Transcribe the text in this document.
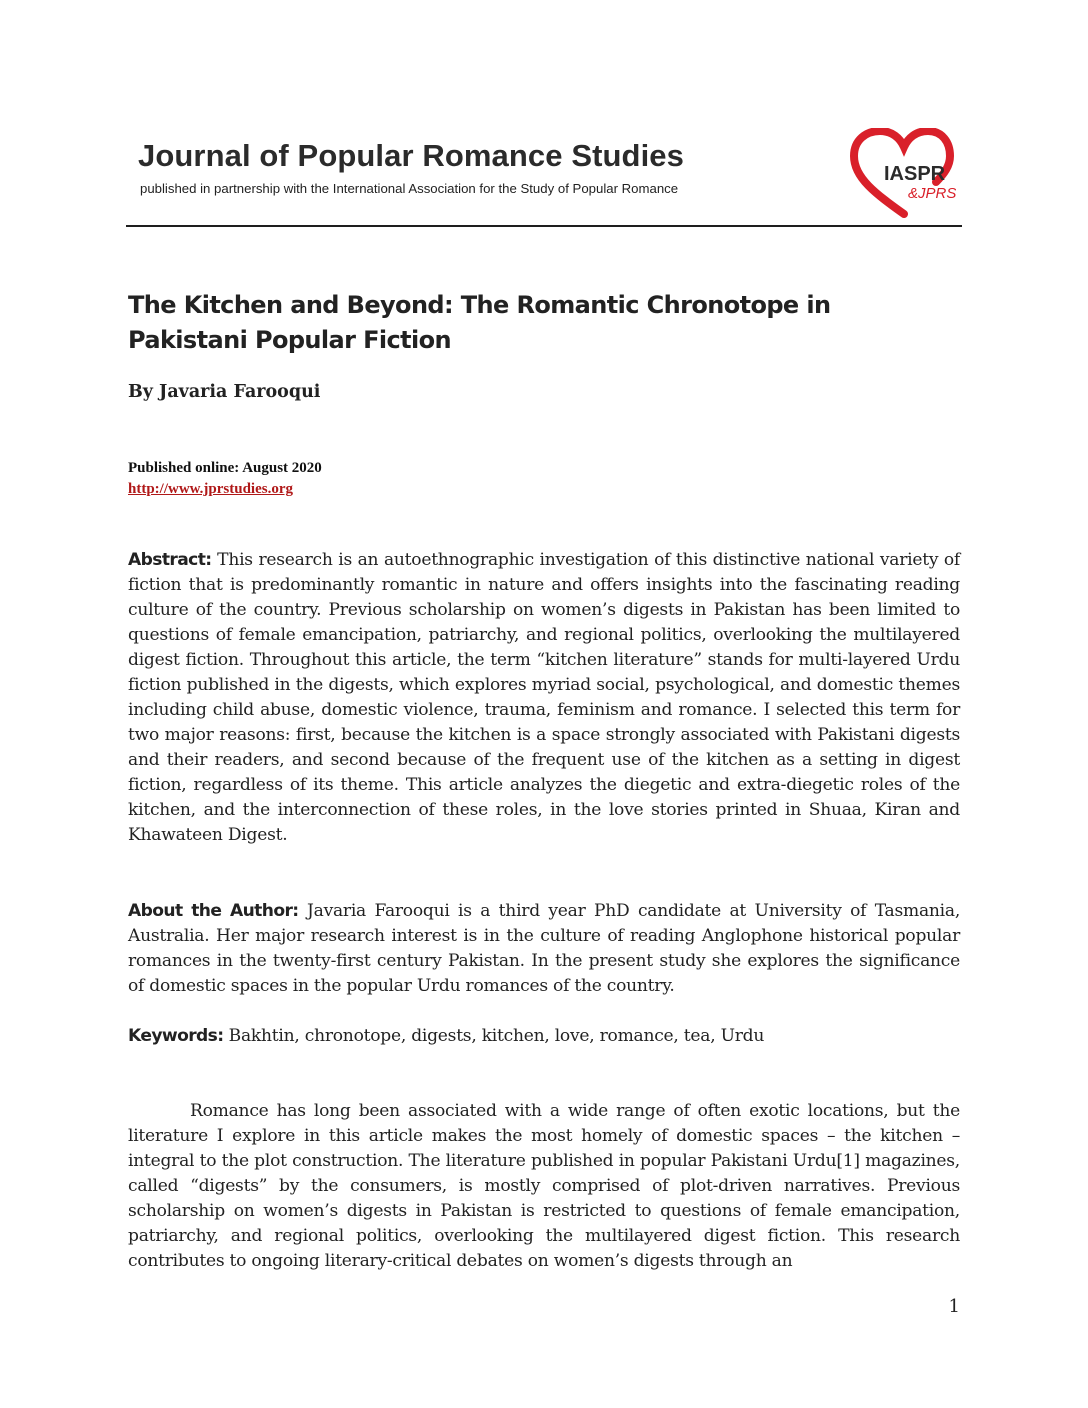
Journal of Popular Romance Studies
published in partnership with the International Association for the Study of Popular Romance
IASPR
&JPRS
The Kitchen and Beyond: The Romantic Chronotope in Pakistani Popular Fiction
By Javaria Farooqui
Published online: August 2020
http://www.jprstudies.org

Abstract: This research is an autoethnographic investigation of this distinctive national variety of fiction that is predominantly romantic in nature and offers insights into the fascinating reading culture of the country. Previous scholarship on women’s digests in Pakistan has been limited to questions of female emancipation, patriarchy, and regional politics, overlooking the multilayered digest fiction. Throughout this article, the term “kitchen literature” stands for multi-layered Urdu fiction published in the digests, which explores myriad social, psychological, and domestic themes including child abuse, domestic violence, trauma, feminism and romance. I selected this term for two major reasons: first, because the kitchen is a space strongly associated with Pakistani digests and their readers, and second because of the frequent use of the kitchen as a setting in digest fiction, regardless of its theme. This article analyzes the diegetic and extra-diegetic roles of the kitchen, and the interconnection of these roles, in the love stories printed in Shuaa, Kiran and Khawateen Digest.

About the Author: Javaria Farooqui is a third year PhD candidate at University of Tasmania, Australia. Her major research interest is in the culture of reading Anglophone historical popular romances in the twenty-first century Pakistan. In the present study she explores the significance of domestic spaces in the popular Urdu romances of the country.

Keywords: Bakhtin, chronotope, digests, kitchen, love, romance, tea, Urdu

Romance has long been associated with a wide range of often exotic locations, but the literature I explore in this article makes the most homely of domestic spaces – the kitchen – integral to the plot construction. The literature published in popular Pakistani Urdu[1] magazines, called “digests” by the consumers, is mostly comprised of plot-driven narratives. Previous scholarship on women’s digests in Pakistan is restricted to questions of female emancipation, patriarchy, and regional politics, overlooking the multilayered digest fiction. This research contributes to ongoing literary-critical debates on women’s digests through an

1
